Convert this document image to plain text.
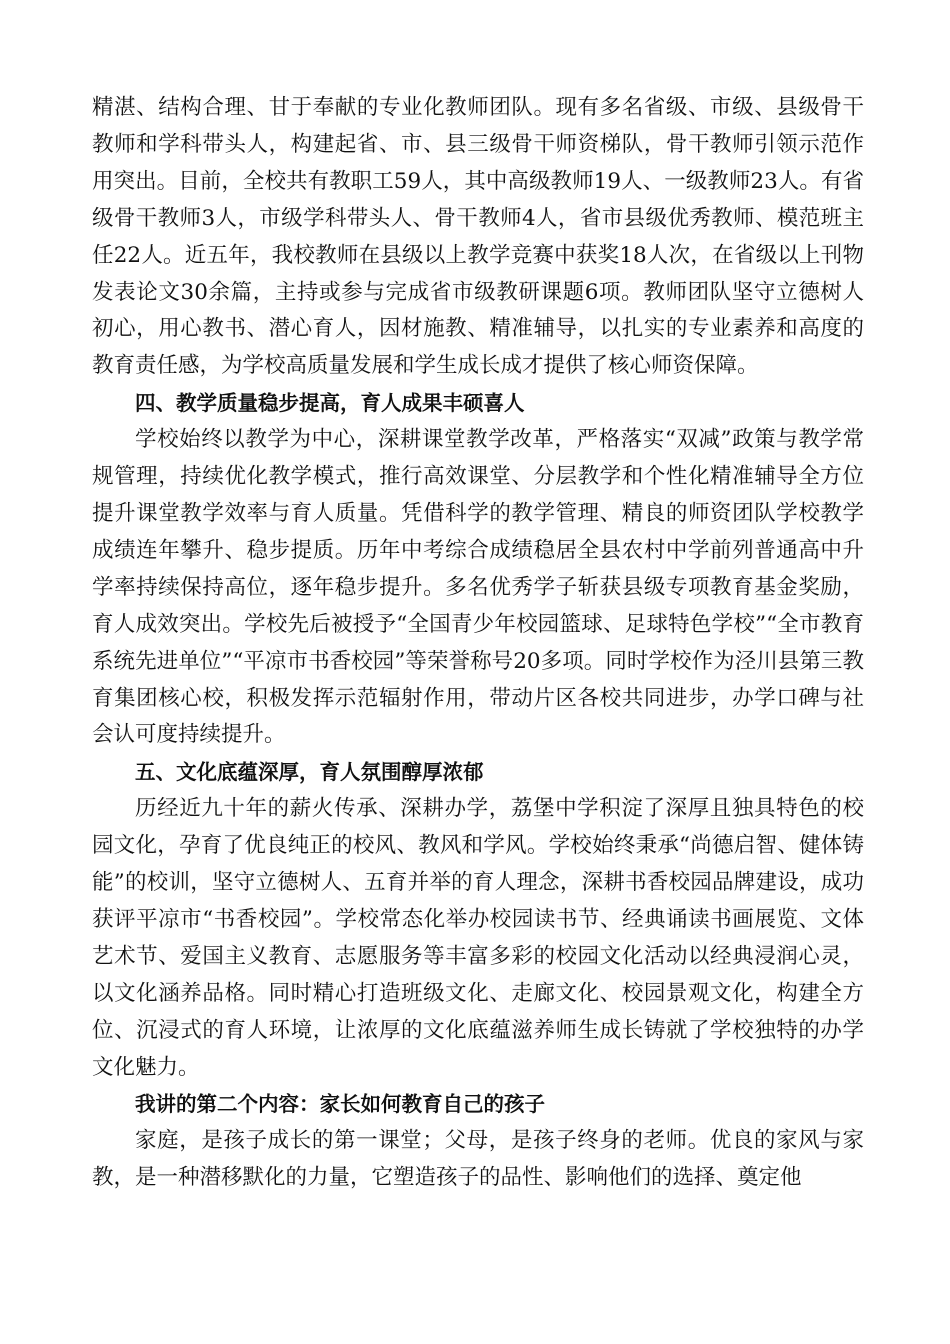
精湛、结构合理、甘于奉献的专业化教师团队。现有多名省级、市级、县级骨干教师和学科带头人，构建起省、市、县三级骨干师资梯队，骨干教师引领示范作用突出。目前，全校共有教职工59人，其中高级教师19人、一级教师23人。有省级骨干教师3人，市级学科带头人、骨干教师4人，省市县级优秀教师、模范班主任22人。近五年，我校教师在县级以上教学竞赛中获奖18人次，在省级以上刊物发表论文30余篇，主持或参与完成省市级教研课题6项。教师团队坚守立德树人初心，用心教书、潜心育人，因材施教、精准辅导，以扎实的专业素养和高度的教育责任感，为学校高质量发展和学生成长成才提供了核心师资保障。

四、教学质量稳步提高，育人成果丰硕喜人

学校始终以教学为中心，深耕课堂教学改革，严格落实“双减”政策与教学常规管理，持续优化教学模式，推行高效课堂、分层教学和个性化精准辅导全方位提升课堂教学效率与育人质量。凭借科学的教学管理、精良的师资团队学校教学成绩连年攀升、稳步提质。历年中考综合成绩稳居全县农村中学前列普通高中升学率持续保持高位，逐年稳步提升。多名优秀学子斩获县级专项教育基金奖励，育人成效突出。学校先后被授予“全国青少年校园篮球、足球特色学校”“全市教育系统先进单位”“平凉市书香校园”等荣誉称号20多项。同时学校作为泾川县第三教育集团核心校，积极发挥示范辐射作用，带动片区各校共同进步，办学口碑与社会认可度持续提升。

五、文化底蕴深厚，育人氛围醇厚浓郁

历经近九十年的薪火传承、深耕办学，荔堡中学积淀了深厚且独具特色的校园文化，孕育了优良纯正的校风、教风和学风。学校始终秉承“尚德启智、健体铸能”的校训，坚守立德树人、五育并举的育人理念，深耕书香校园品牌建设，成功获评平凉市“书香校园”。学校常态化举办校园读书节、经典诵读书画展览、文体艺术节、爱国主义教育、志愿服务等丰富多彩的校园文化活动以经典浸润心灵，以文化涵养品格。同时精心打造班级文化、走廊文化、校园景观文化，构建全方位、沉浸式的育人环境，让浓厚的文化底蕴滋养师生成长铸就了学校独特的办学文化魅力。

我讲的第二个内容：家长如何教育自己的孩子

家庭，是孩子成长的第一课堂；父母，是孩子终身的老师。优良的家风与家教，是一种潜移默化的力量，它塑造孩子的品性、影响他们的选择、奠定他
